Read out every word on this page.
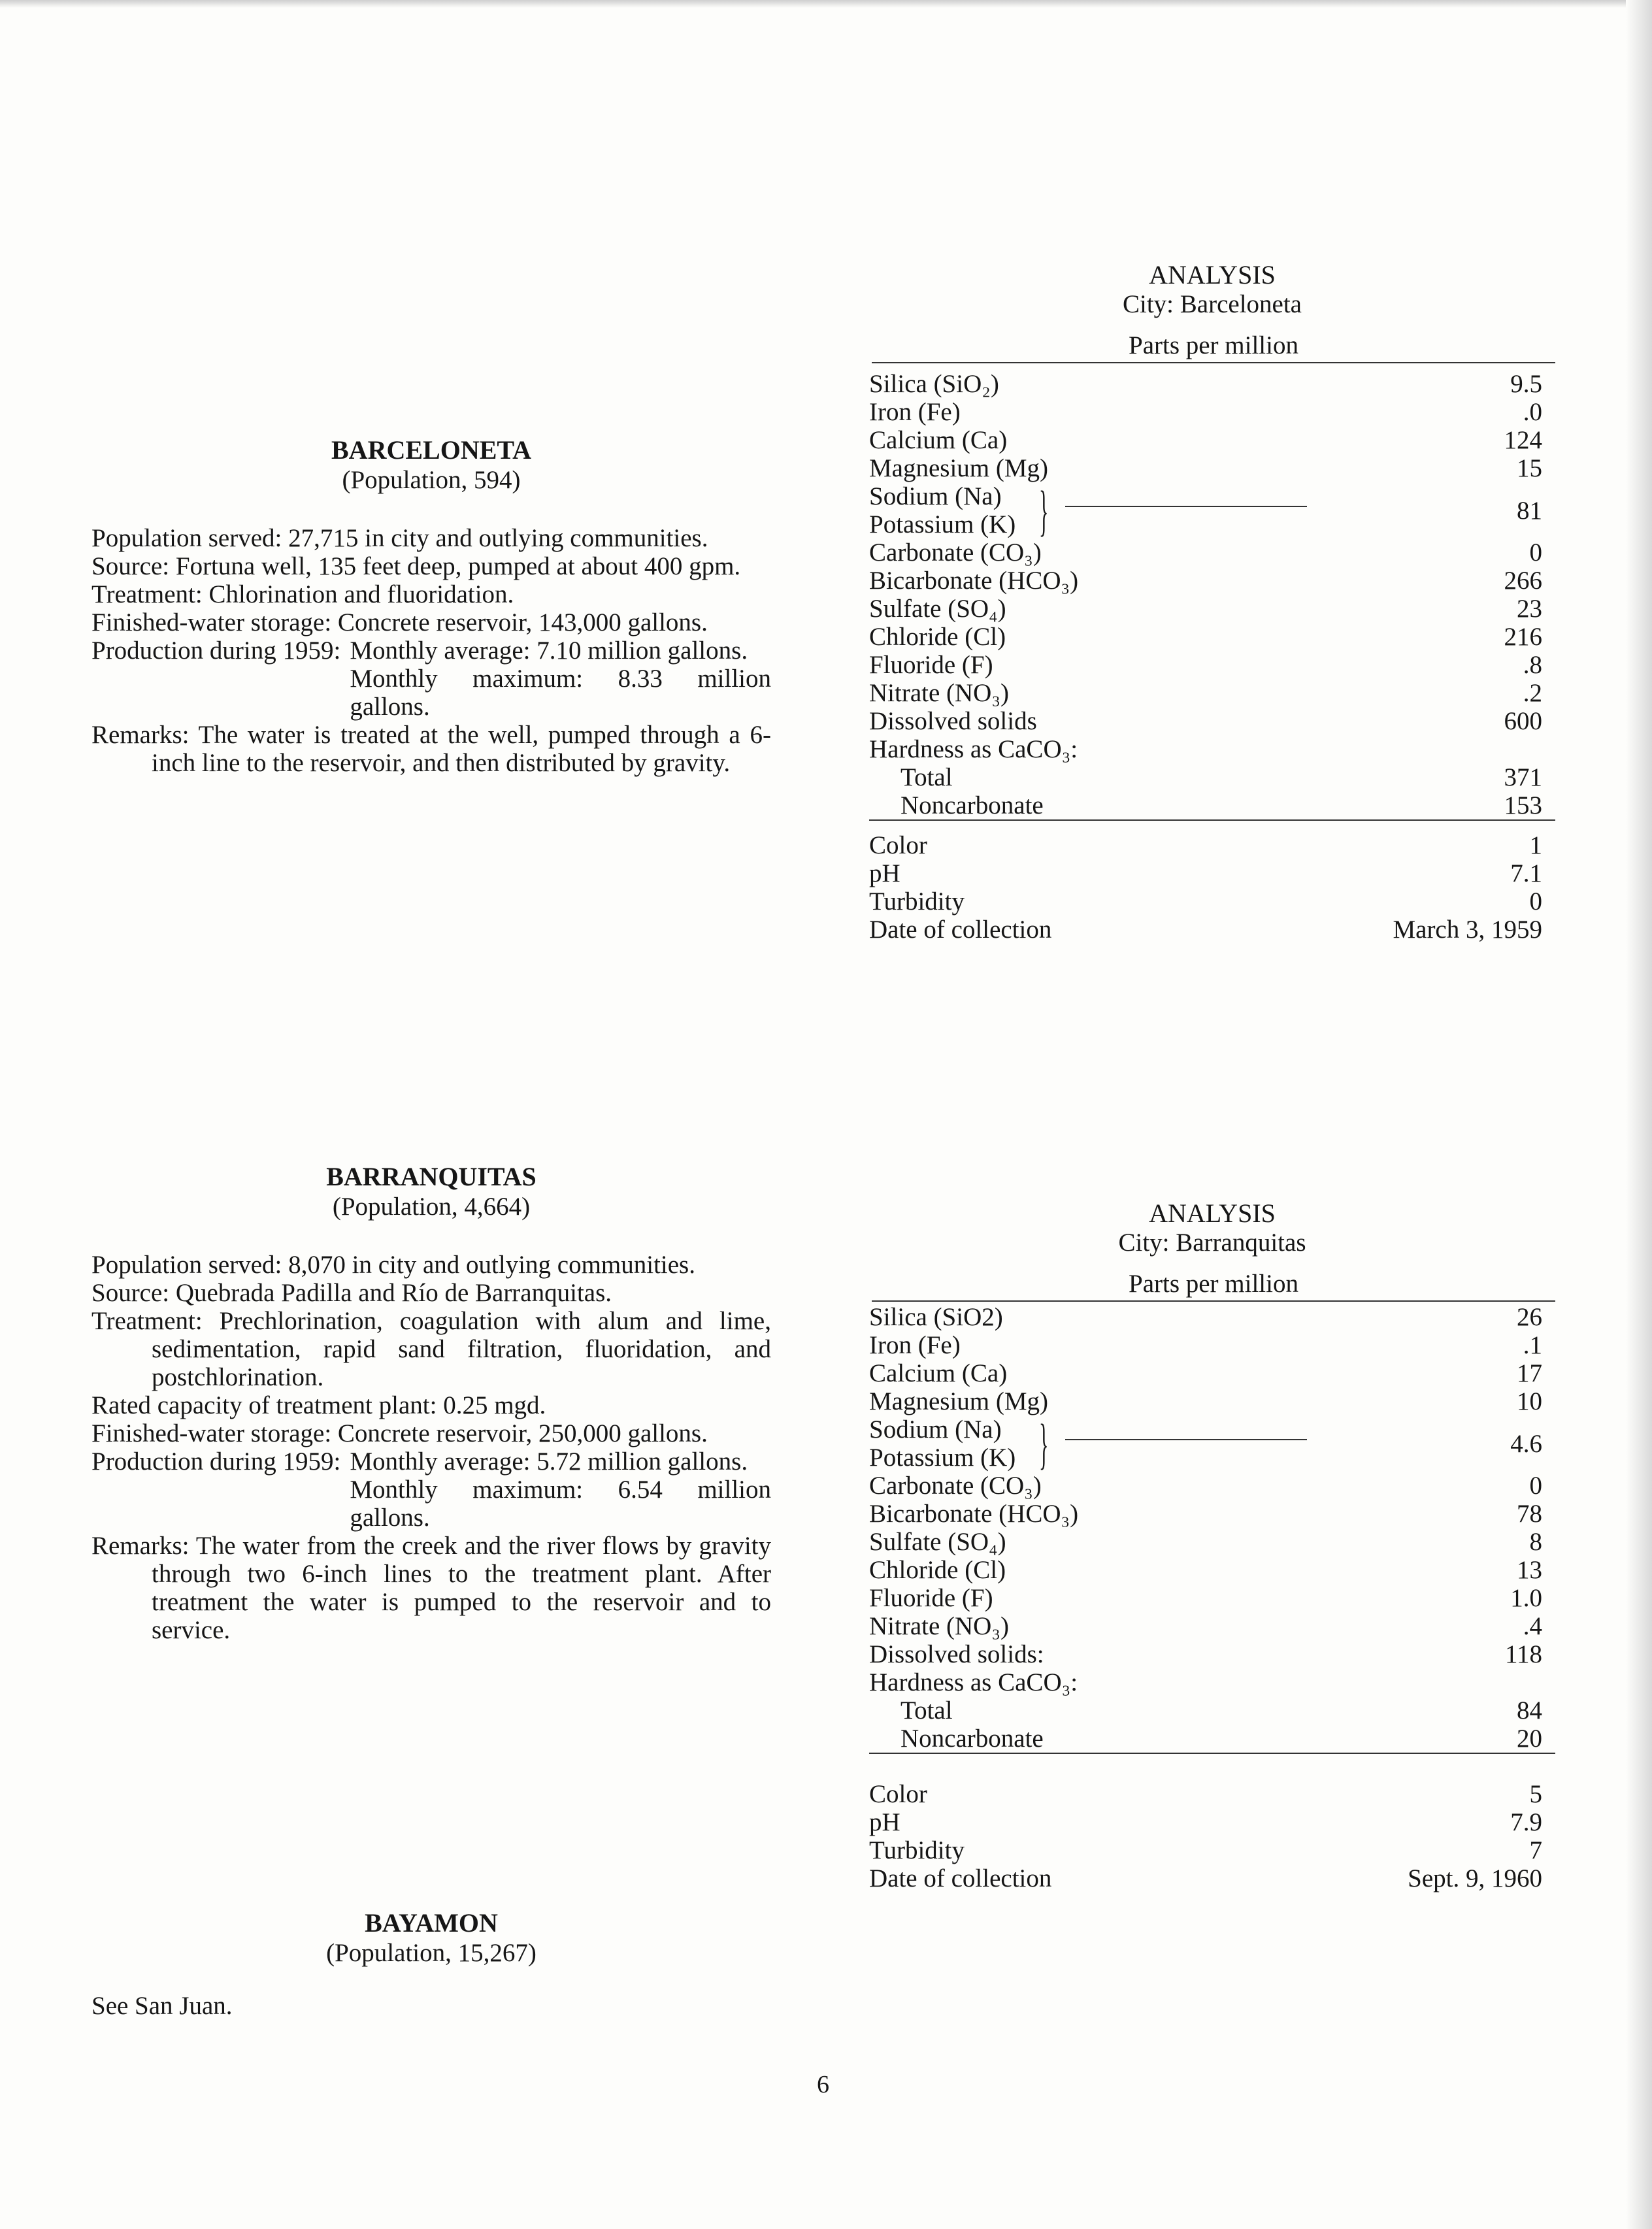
BARCELONETA
(Population, 594)
Population served: 27,715 in city and outlying communities.
Source: Fortuna well, 135 feet deep, pumped at about 400 gpm.
Treatment: Chlorination and fluoridation.
Finished-water storage: Concrete reservoir, 143,000 gallons.
Production during 1959: Monthly average: 7.10 million gallons.
Monthly maximum: 8.33 million gallons.
Remarks: The water is treated at the well, pumped through a 6-inch line to the reservoir, and then distributed by gravity.
ANALYSIS
City: Barceloneta
Parts per million
Silica (SiO₂)	9.5
Iron (Fe)	.0
Calcium (Ca)	124
Magnesium (Mg)	15
Sodium (Na)
Potassium (K) }	81
Carbonate (CO₃)	0
Bicarbonate (HCO₃)	266
Sulfate (SO₄)	23
Chloride (Cl)	216
Fluoride (F)	.8
Nitrate (NO₃)	.2
Dissolved solids	600
Hardness as CaCO₃:
Total	371
Noncarbonate	153
Color	1
pH	7.1
Turbidity	0
Date of collection	March 3, 1959
BARRANQUITAS
(Population, 4,664)
Population served: 8,070 in city and outlying communities.
Source: Quebrada Padilla and Río de Barranquitas.
Treatment: Prechlorination, coagulation with alum and lime, sedimentation, rapid sand filtration, fluoridation, and postchlorination.
Rated capacity of treatment plant: 0.25 mgd.
Finished-water storage: Concrete reservoir, 250,000 gallons.
Production during 1959: Monthly average: 5.72 million gallons.
Monthly maximum: 6.54 million gallons.
Remarks: The water from the creek and the river flows by gravity through two 6-inch lines to the treatment plant. After treatment the water is pumped to the reservoir and to service.
ANALYSIS
City: Barranquitas
Parts per million
Silica (SiO2)	26
Iron (Fe)	.1
Calcium (Ca)	17
Magnesium (Mg)	10
Sodium (Na)
Potassium (K) }	4.6
Carbonate (CO₃)	0
Bicarbonate (HCO₃)	78
Sulfate (SO₄)	8
Chloride (Cl)	13
Fluoride (F)	1.0
Nitrate (NO₃)	.4
Dissolved solids:	118
Hardness as CaCO₃:
Total	84
Noncarbonate	20
Color	5
pH	7.9
Turbidity	7
Date of collection	Sept. 9, 1960
BAYAMON
(Population, 15,267)
See San Juan.
6
